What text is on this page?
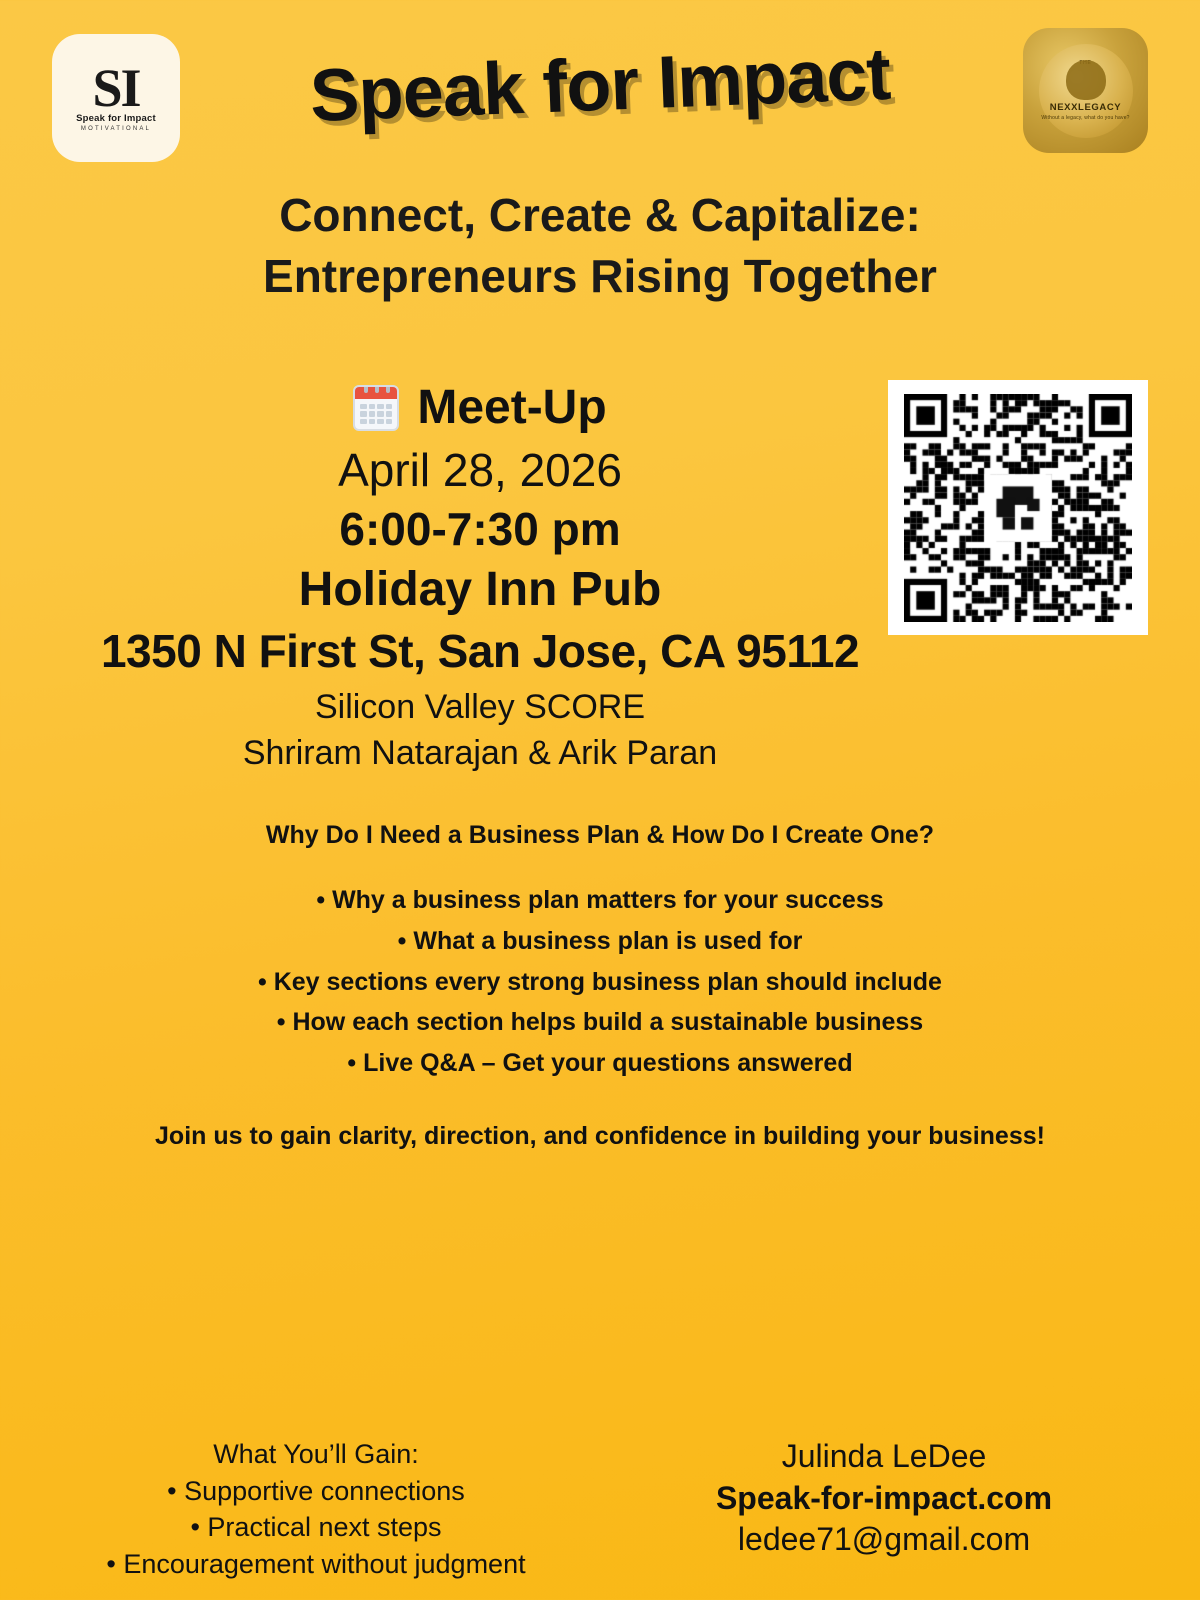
SI
Speak for Impact
MOTIVATIONAL	Speak for Impact	NEXXLEGACY
Without a legacy, what do you have?
Connect, Create & Capitalize:
Entrepreneurs Rising Together
Meet-Up
April 28, 2026
6:00-7:30 pm
Holiday Inn Pub
1350 N First St, San Jose, CA 95112
Silicon Valley SCORE
Shriram Natarajan & Arik Paran
Why Do I Need a Business Plan & How Do I Create One?
• Why a business plan matters for your success
• What a business plan is used for
• Key sections every strong business plan should include
• How each section helps build a sustainable business
• Live Q&A – Get your questions answered
Join us to gain clarity, direction, and confidence in building your business!
What You’ll Gain:
• Supportive connections
• Practical next steps
• Encouragement without judgment
Julinda LeDee
Speak-for-impact.com
ledee71@gmail.com
